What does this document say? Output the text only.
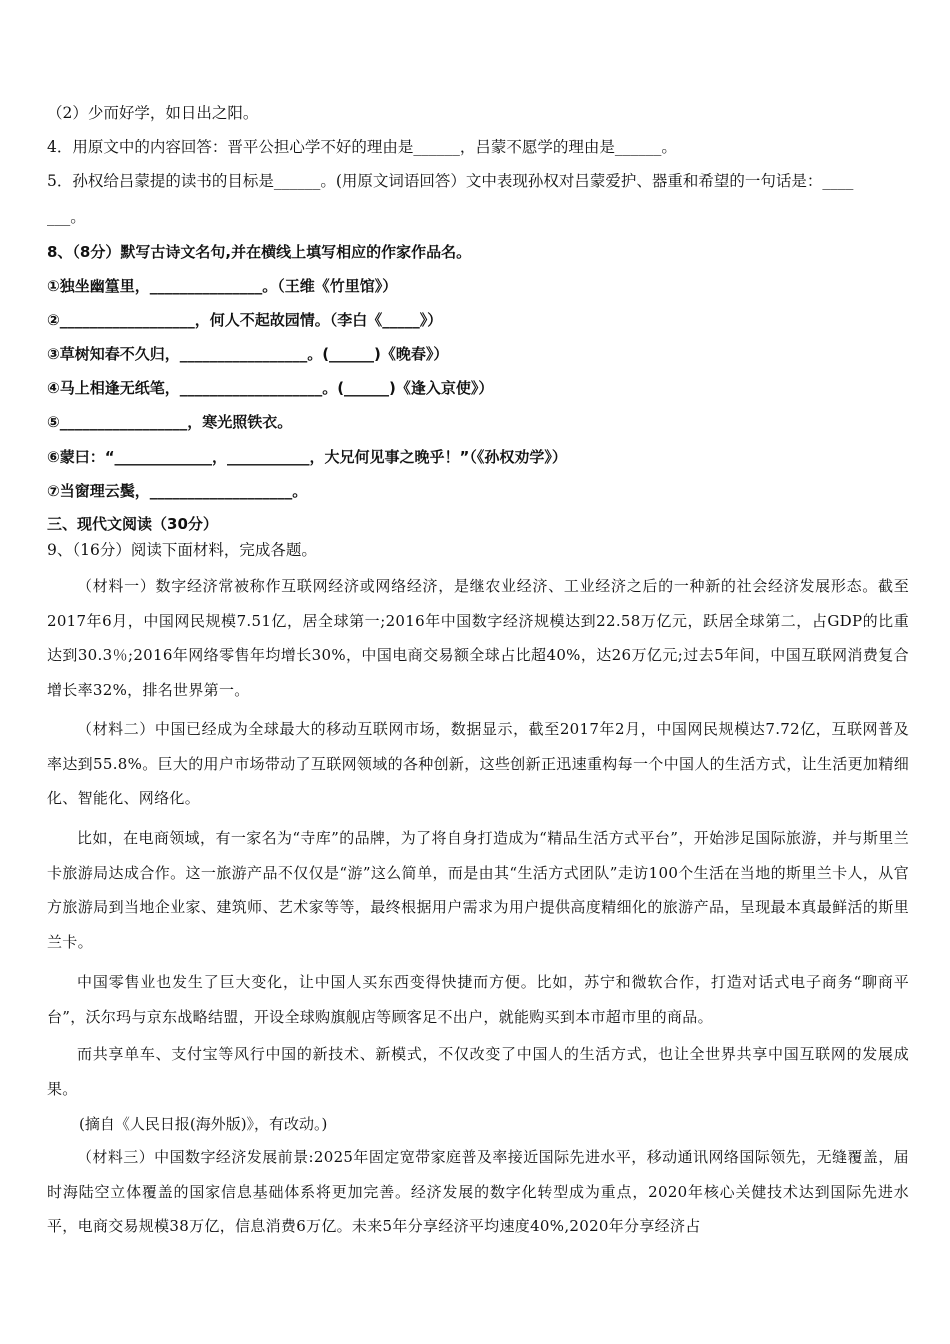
（2）少而好学，如日出之阳。
4．用原文中的内容回答：晋平公担心学不好的理由是______，吕蒙不愿学的理由是______。
5．孙权给吕蒙提的读书的目标是______。(用原文词语回答）文中表现孙权对吕蒙爱护、器重和希望的一句话是：____
___。
8、（8分）默写古诗文名句,并在横线上填写相应的作家作品名。
①独坐幽篁里，_______________。（王维《竹里馆》）
②__________________，何人不起故园情。（李白《_____》）
③草树知春不久归，_________________。(______)《晚春》）
④马上相逢无纸笔，___________________。(______)《逢入京使》）
⑤_________________，寒光照铁衣。
⑥蒙曰：“_____________，___________，大兄何见事之晚乎！”（《孙权劝学》）
⑦当窗理云鬓，___________________。
三、现代文阅读（30分）
9、（16分）阅读下面材料，完成各题。
（材料一）数字经济常被称作互联网经济或网络经济，是继农业经济、工业经济之后的一种新的社会经济发展形态。截至2017年6月，中国网民规模7.51亿，居全球第一;2016年中国数字经济规模达到22.58万亿元，跃居全球第二，占GDP的比重达到30.3％;2016年网络零售年均增长30%，中国电商交易额全球占比超40%，达26万亿元;过去5年间，中国互联网消费复合增长率32%，排名世界第一。
（材料二）中国已经成为全球最大的移动互联网市场，数据显示，截至2017年2月，中国网民规模达7.72亿，互联网普及率达到55.8%。巨大的用户市场带动了互联网领域的各种创新，这些创新正迅速重构每一个中国人的生活方式，让生活更加精细化、智能化、网络化。
比如，在电商领域，有一家名为“寺库”的品牌，为了将自身打造成为“精品生活方式平台”，开始涉足国际旅游，并与斯里兰卡旅游局达成合作。这一旅游产品不仅仅是“游”这么简单，而是由其“生活方式团队”走访100个生活在当地的斯里兰卡人，从官方旅游局到当地企业家、建筑师、艺术家等等，最终根据用户需求为用户提供高度精细化的旅游产品，呈现最本真最鲜活的斯里兰卡。
中国零售业也发生了巨大变化，让中国人买东西变得快捷而方便。比如，苏宁和微软合作，打造对话式电子商务“聊商平台”，沃尔玛与京东战略结盟，开设全球购旗舰店等顾客足不出户，就能购买到本市超市里的商品。
而共享单车、支付宝等风行中国的新技术、新模式，不仅改变了中国人的生活方式，也让全世界共享中国互联网的发展成果。
(摘自《人民日报(海外版)》，有改动。)
（材料三）中国数字经济发展前景:2025年固定宽带家庭普及率接近国际先进水平，移动通讯网络国际领先，无缝覆盖，届时海陆空立体覆盖的国家信息基础体系将更加完善。经济发展的数字化转型成为重点，2020年核心关健技术达到国际先进水平，电商交易规模38万亿，信息消费6万亿。未来5年分享经济平均速度40%,2020年分享经济占
